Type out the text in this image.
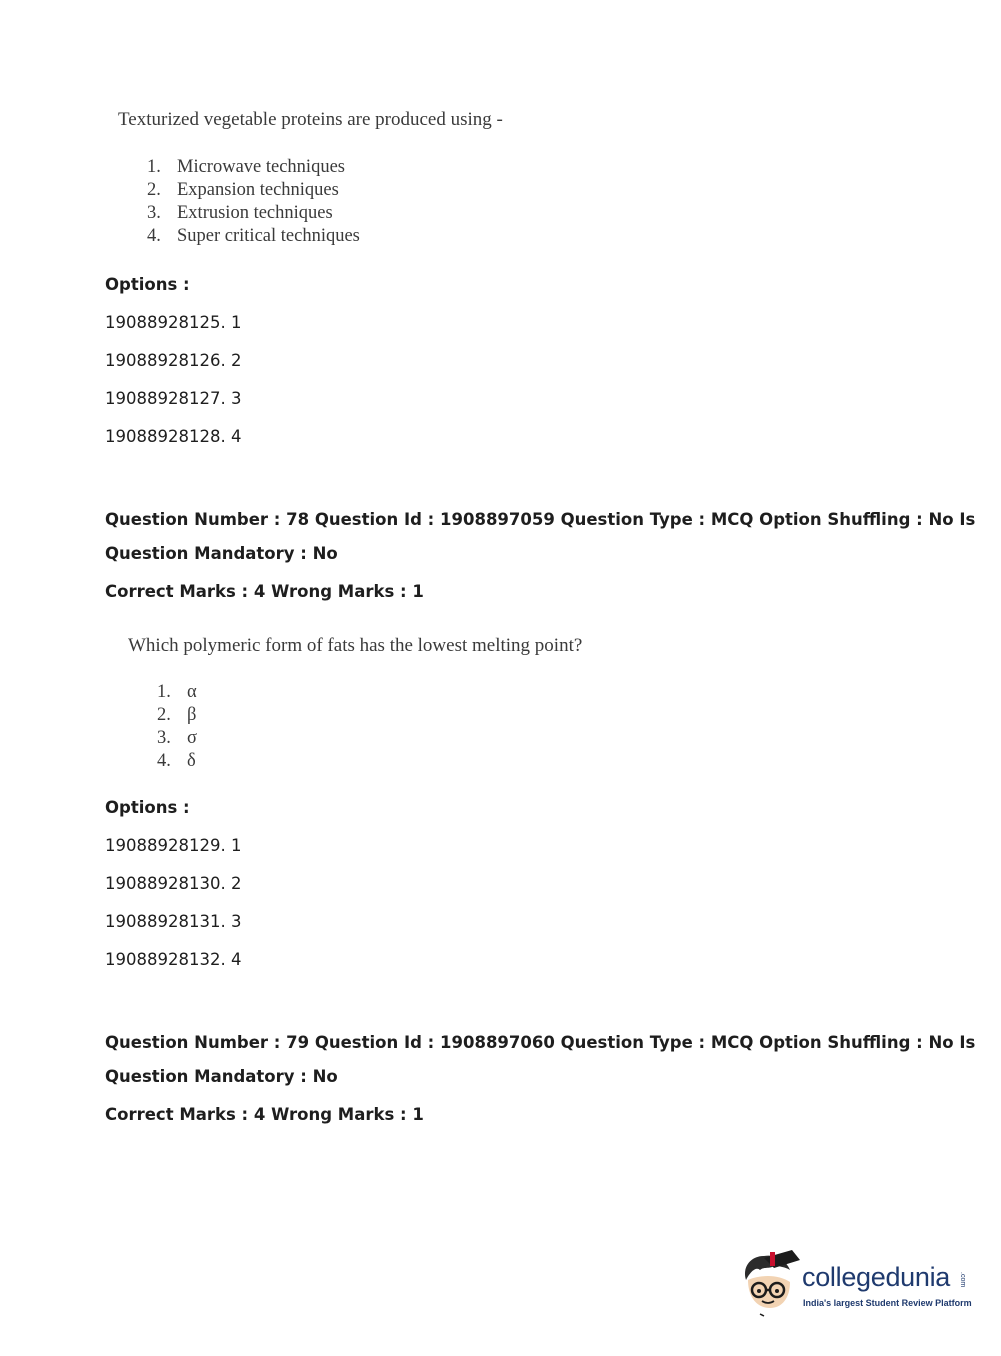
Texturized vegetable proteins are produced using -
1. Microwave techniques
2. Expansion techniques
3. Extrusion techniques
4. Super critical techniques
Options :
19088928125. 1
19088928126. 2
19088928127. 3
19088928128. 4
Question Number : 78 Question Id : 1908897059 Question Type : MCQ Option Shuffling : No Is
Question Mandatory : No
Correct Marks : 4 Wrong Marks : 1
Which polymeric form of fats has the lowest melting point?
1. α
2. β
3. σ
4. δ
Options :
19088928129. 1
19088928130. 2
19088928131. 3
19088928132. 4
Question Number : 79 Question Id : 1908897060 Question Type : MCQ Option Shuffling : No Is
Question Mandatory : No
Correct Marks : 4 Wrong Marks : 1
collegedunia .com
India's largest Student Review Platform
